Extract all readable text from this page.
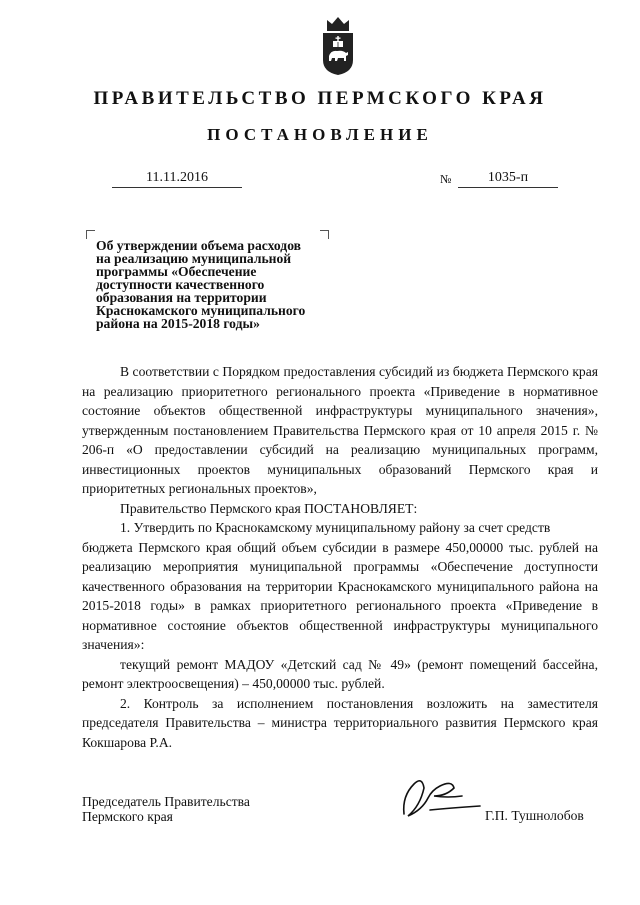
ПРАВИТЕЛЬСТВО ПЕРМСКОГО КРАЯ
ПОСТАНОВЛЕНИЕ
11.11.2016	№	1035-п
Об утверждении объема расходов
на реализацию муниципальной
программы «Обеспечение
доступности качественного
образования на территории
Краснокамского муниципального
района на 2015-2018 годы»

В соответствии с Порядком предоставления субсидий из бюджета Пермского края на реализацию приоритетного регионального проекта «Приведение в нормативное состояние объектов общественной инфраструктуры муниципального значения», утвержденным постановлением Правительства Пермского края от 10 апреля 2015 г. № 206-п «О предоставлении субсидий на реализацию муниципальных программ, инвестиционных проектов муниципальных образований Пермского края и приоритетных региональных проектов»,

Правительство Пермского края ПОСТАНОВЛЯЕТ:

1. Утвердить по Краснокамскому муниципальному району за счет средств

бюджета Пермского края общий объем субсидии в размере 450,00000 тыс. рублей на реализацию мероприятия муниципальной программы «Обеспечение доступности качественного образования на территории Краснокамского муниципального района на 2015-2018 годы» в рамках приоритетного регионального проекта «Приведение в нормативное состояние объектов общественной инфраструктуры муниципального значения»:

текущий ремонт МАДОУ «Детский сад № 49» (ремонт помещений бассейна, ремонт электроосвещения) – 450,00000 тыс. рублей.

2. Контроль за исполнением постановления возложить на заместителя председателя Правительства – министра территориального развития Пермского края Кокшарова Р.А.

Председатель Правительства
Пермского края	Г.П. Тушнолобов
